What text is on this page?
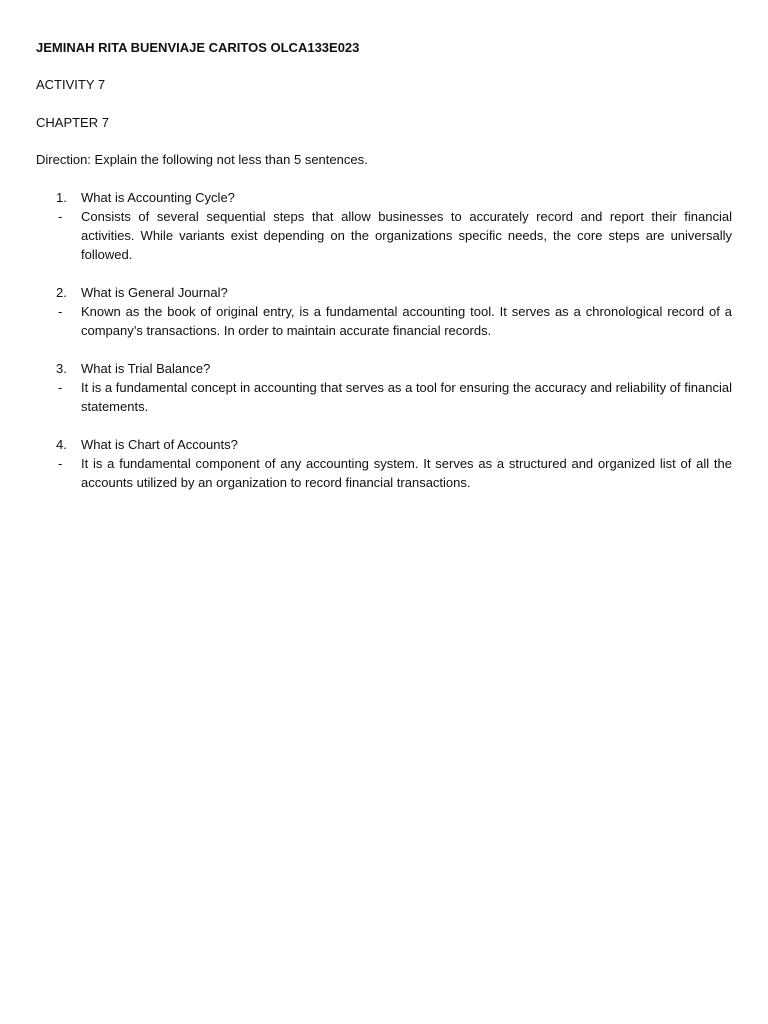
JEMINAH RITA BUENVIAJE CARITOS OLCA133E023
ACTIVITY 7
CHAPTER 7
Direction: Explain the following not less than 5 sentences.
1. What is Accounting Cycle?
- Consists of several sequential steps that allow businesses to accurately record and report their financial activities. While variants exist depending on the organizations specific needs, the core steps are universally followed.
2. What is General Journal?
- Known as the book of original entry, is a fundamental accounting tool. It serves as a chronological record of a company’s transactions. In order to maintain accurate financial records.
3. What is Trial Balance?
- It is a fundamental concept in accounting that serves as a tool for ensuring the accuracy and reliability of financial statements.
4. What is Chart of Accounts?
- It is a fundamental component of any accounting system. It serves as a structured and organized list of all the accounts utilized by an organization to record financial transactions.
